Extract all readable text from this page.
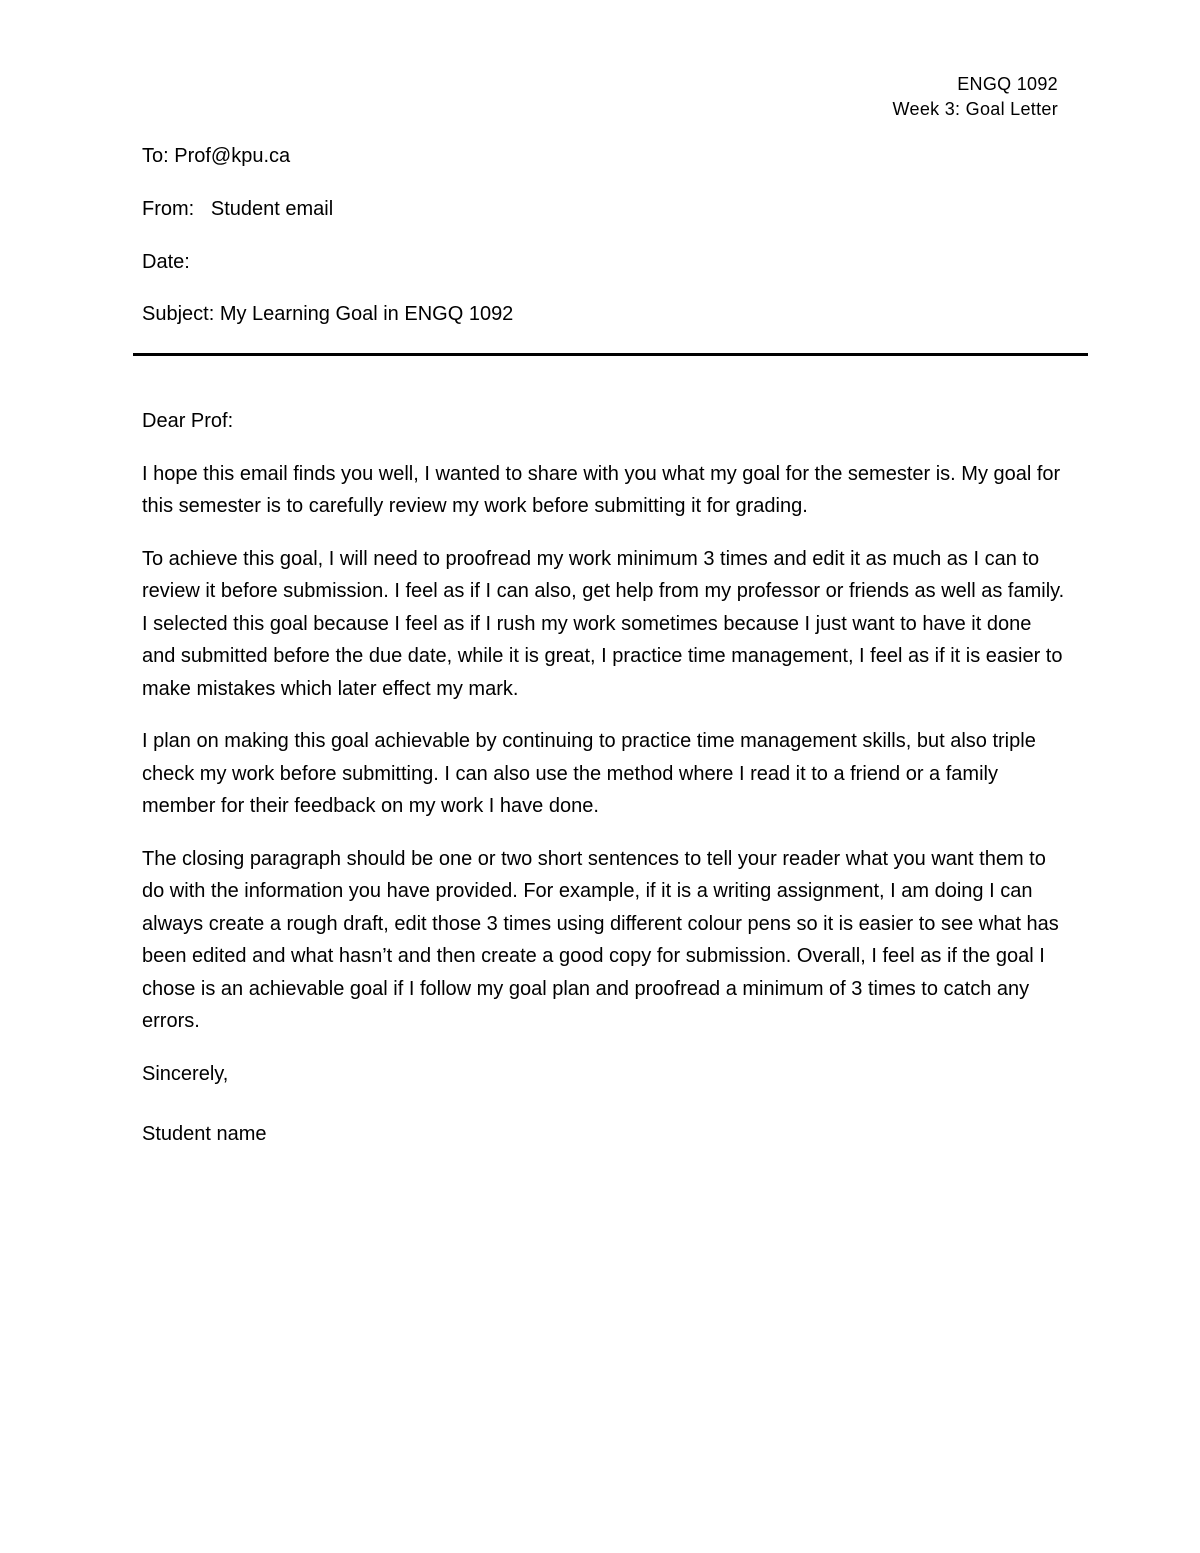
ENGQ 1092
Week 3: Goal Letter
To: Prof@kpu.ca
From:   Student email
Date:
Subject: My Learning Goal in ENGQ 1092

Dear Prof:

I hope this email finds you well, I wanted to share with you what my goal for the semester is. My goal for this semester is to carefully review my work before submitting it for grading.

To achieve this goal, I will need to proofread my work minimum 3 times and edit it as much as I can to review it before submission. I feel as if I can also, get help from my professor or friends as well as family. I selected this goal because I feel as if I rush my work sometimes because I just want to have it done and submitted before the due date, while it is great, I practice time management, I feel as if it is easier to make mistakes which later effect my mark.

I plan on making this goal achievable by continuing to practice time management skills, but also triple check my work before submitting. I can also use the method where I read it to a friend or a family member for their feedback on my work I have done.

The closing paragraph should be one or two short sentences to tell your reader what you want them to do with the information you have provided. For example, if it is a writing assignment, I am doing I can always create a rough draft, edit those 3 times using different colour pens so it is easier to see what has been edited and what hasn’t and then create a good copy for submission. Overall, I feel as if the goal I chose is an achievable goal if I follow my goal plan and proofread a minimum of 3 times to catch any errors.

Sincerely,

Student name
